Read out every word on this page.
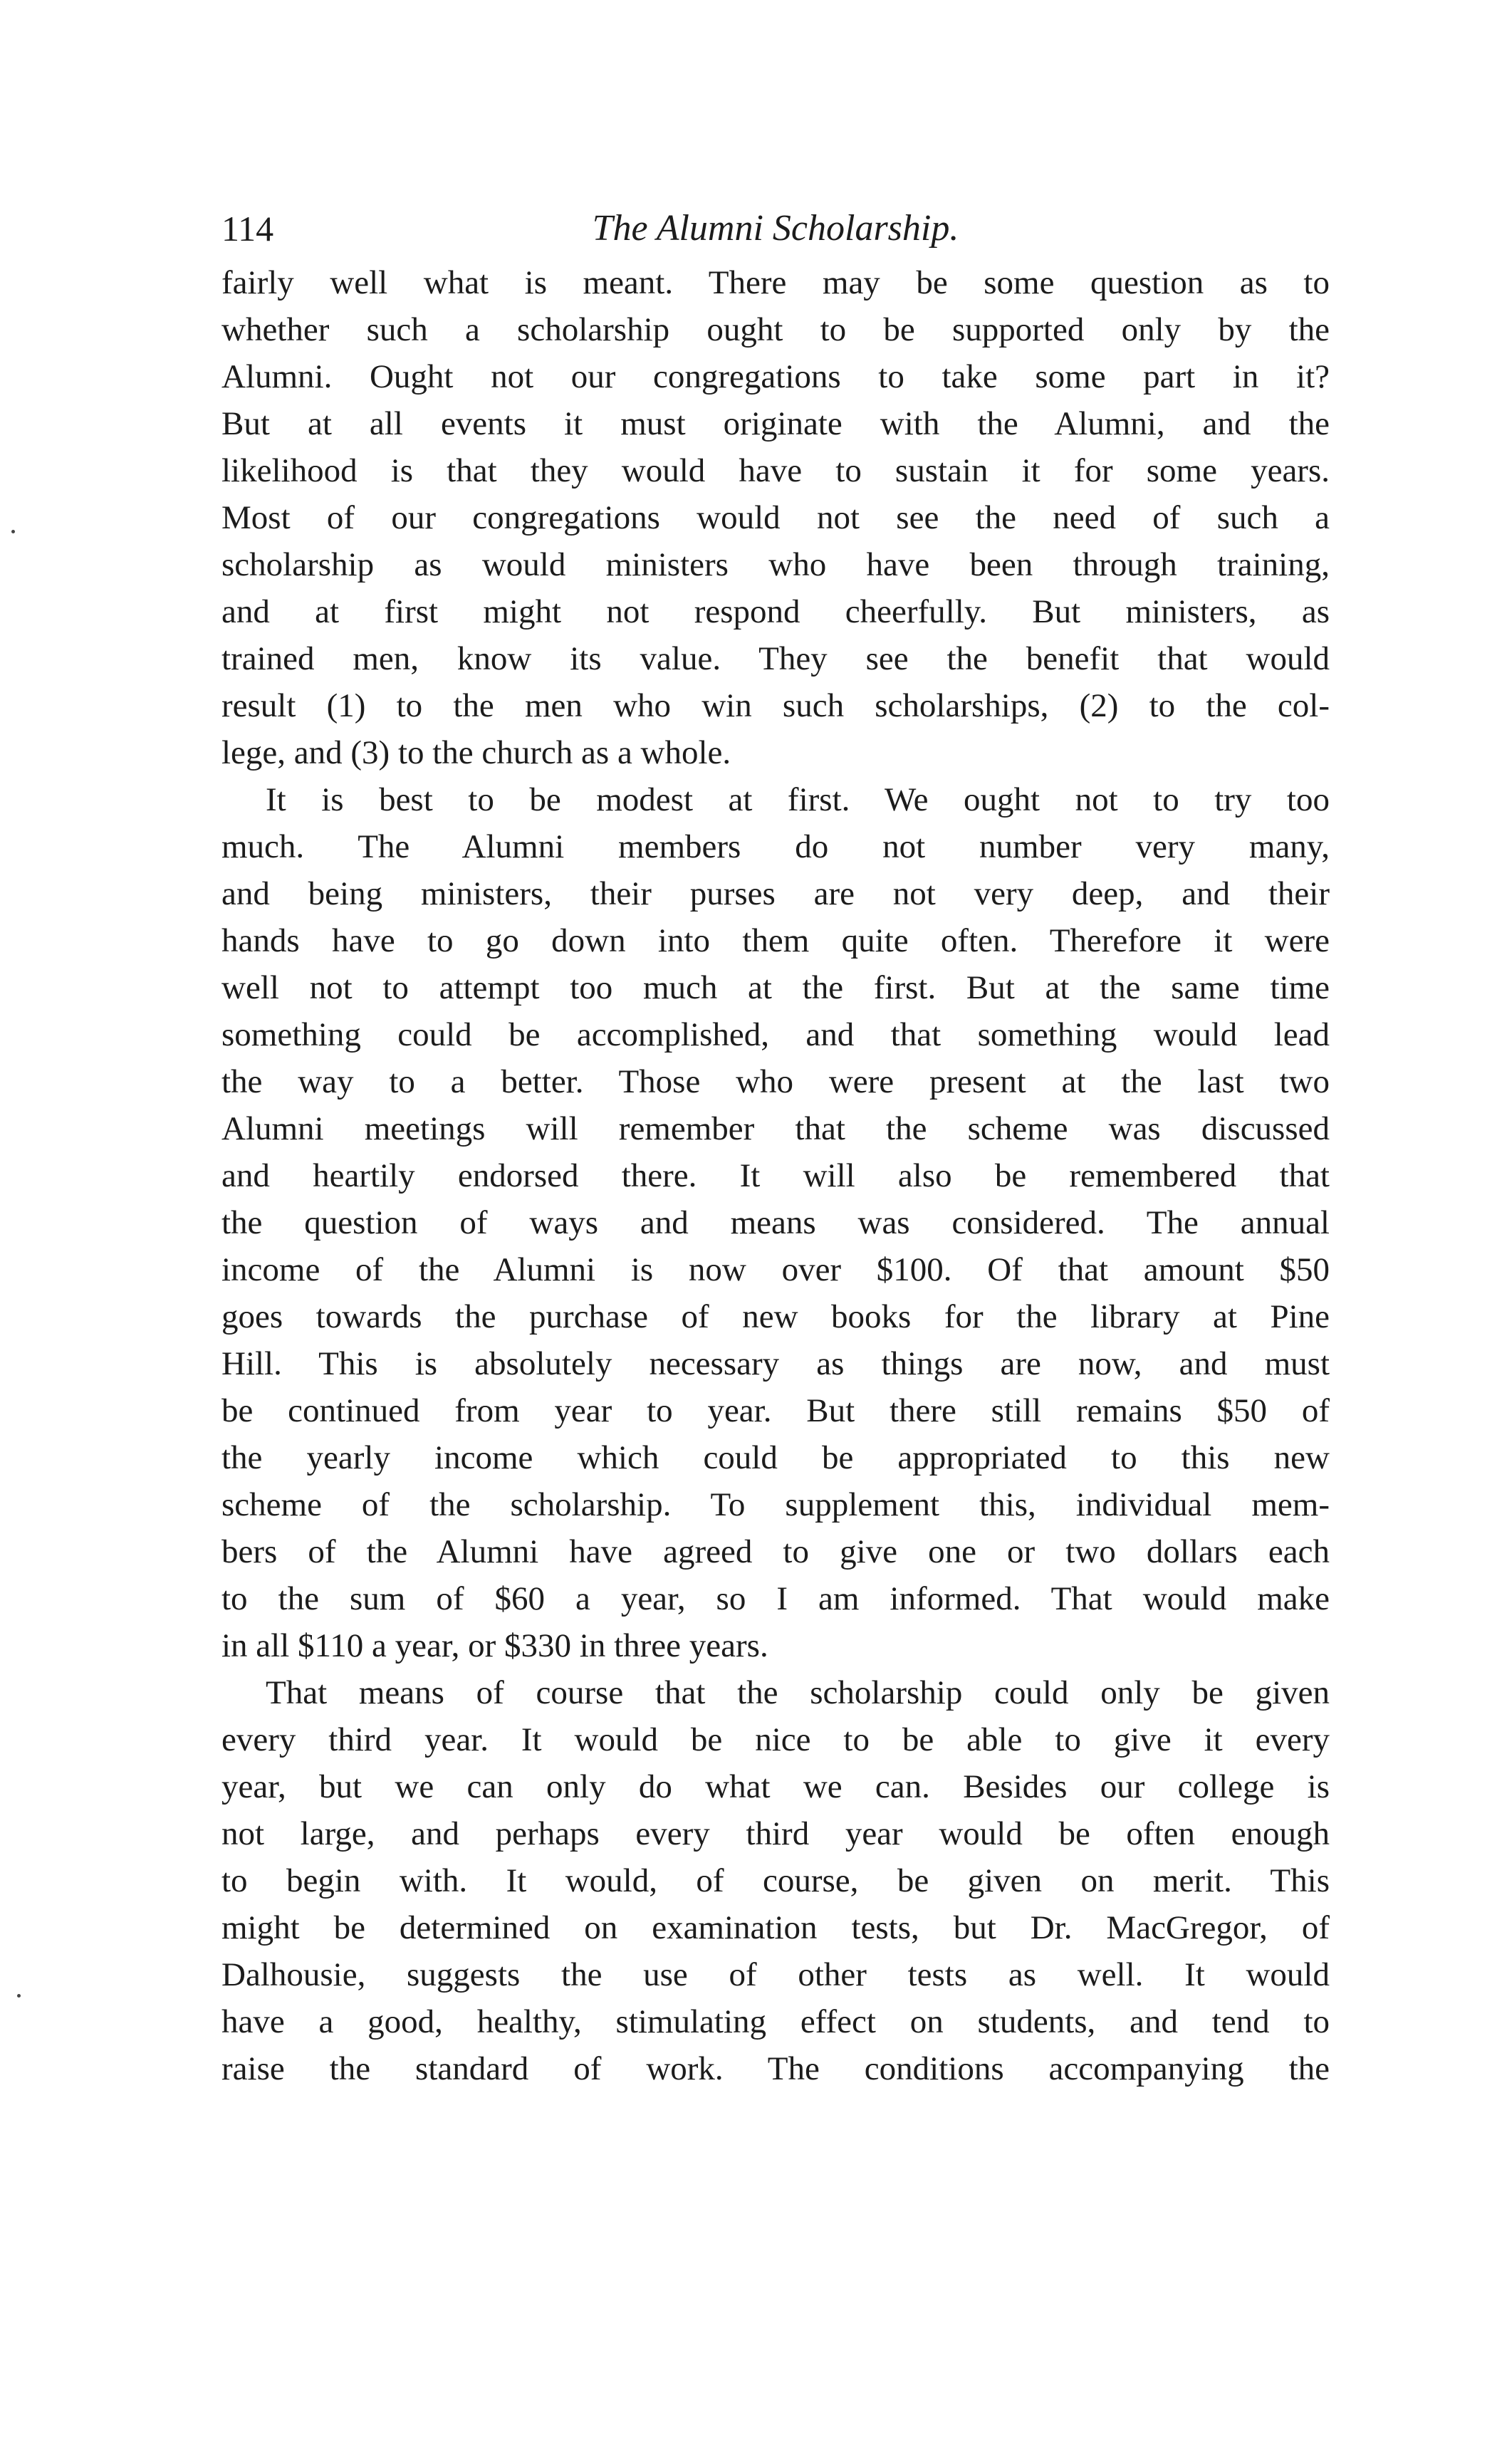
114	The Alumni Scholarship.
fairly well what is meant. There may be some question as to
whether such a scholarship ought to be supported only by the
Alumni. Ought not our congregations to take some part in it?
But at all events it must originate with the Alumni, and the
likelihood is that they would have to sustain it for some years.
Most of our congregations would not see the need of such a
scholarship as would ministers who have been through training,
and at first might not respond cheerfully. But ministers, as
trained men, know its value. They see the benefit that would
result (1) to the men who win such scholarships, (2) to the col-
lege, and (3) to the church as a whole.
It is best to be modest at first. We ought not to try too
much. The Alumni members do not number very many,
and being ministers, their purses are not very deep, and their
hands have to go down into them quite often. Therefore it were
well not to attempt too much at the first. But at the same time
something could be accomplished, and that something would lead
the way to a better. Those who were present at the last two
Alumni meetings will remember that the scheme was discussed
and heartily endorsed there. It will also be remembered that
the question of ways and means was considered. The annual
income of the Alumni is now over $100. Of that amount $50
goes towards the purchase of new books for the library at Pine
Hill. This is absolutely necessary as things are now, and must
be continued from year to year. But there still remains $50 of
the yearly income which could be appropriated to this new
scheme of the scholarship. To supplement this, individual mem-
bers of the Alumni have agreed to give one or two dollars each
to the sum of $60 a year, so I am informed. That would make
in all $110 a year, or $330 in three years.
That means of course that the scholarship could only be given
every third year. It would be nice to be able to give it every
year, but we can only do what we can. Besides our college is
not large, and perhaps every third year would be often enough
to begin with. It would, of course, be given on merit. This
might be determined on examination tests, but Dr. MacGregor, of
Dalhousie, suggests the use of other tests as well. It would
have a good, healthy, stimulating effect on students, and tend to
raise the standard of work. The conditions accompanying the
